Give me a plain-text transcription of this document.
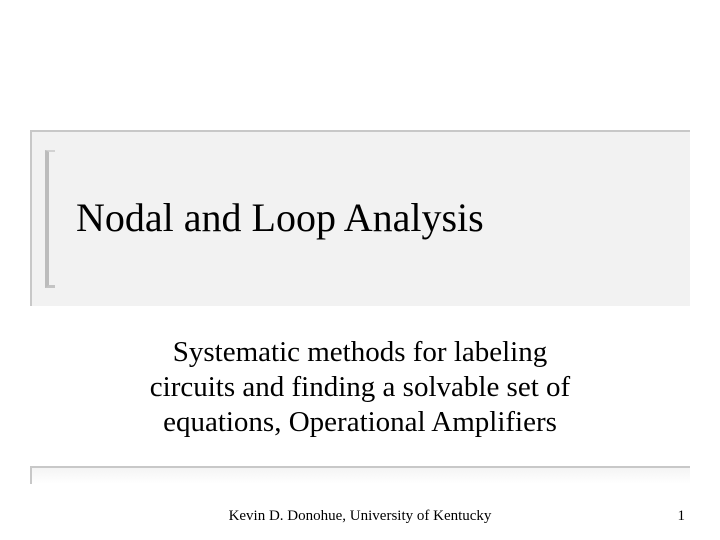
Nodal and Loop Analysis
Systematic methods for labeling
circuits and finding a solvable set of
equations, Operational Amplifiers
Kevin D. Donohue, University of Kentucky	1
